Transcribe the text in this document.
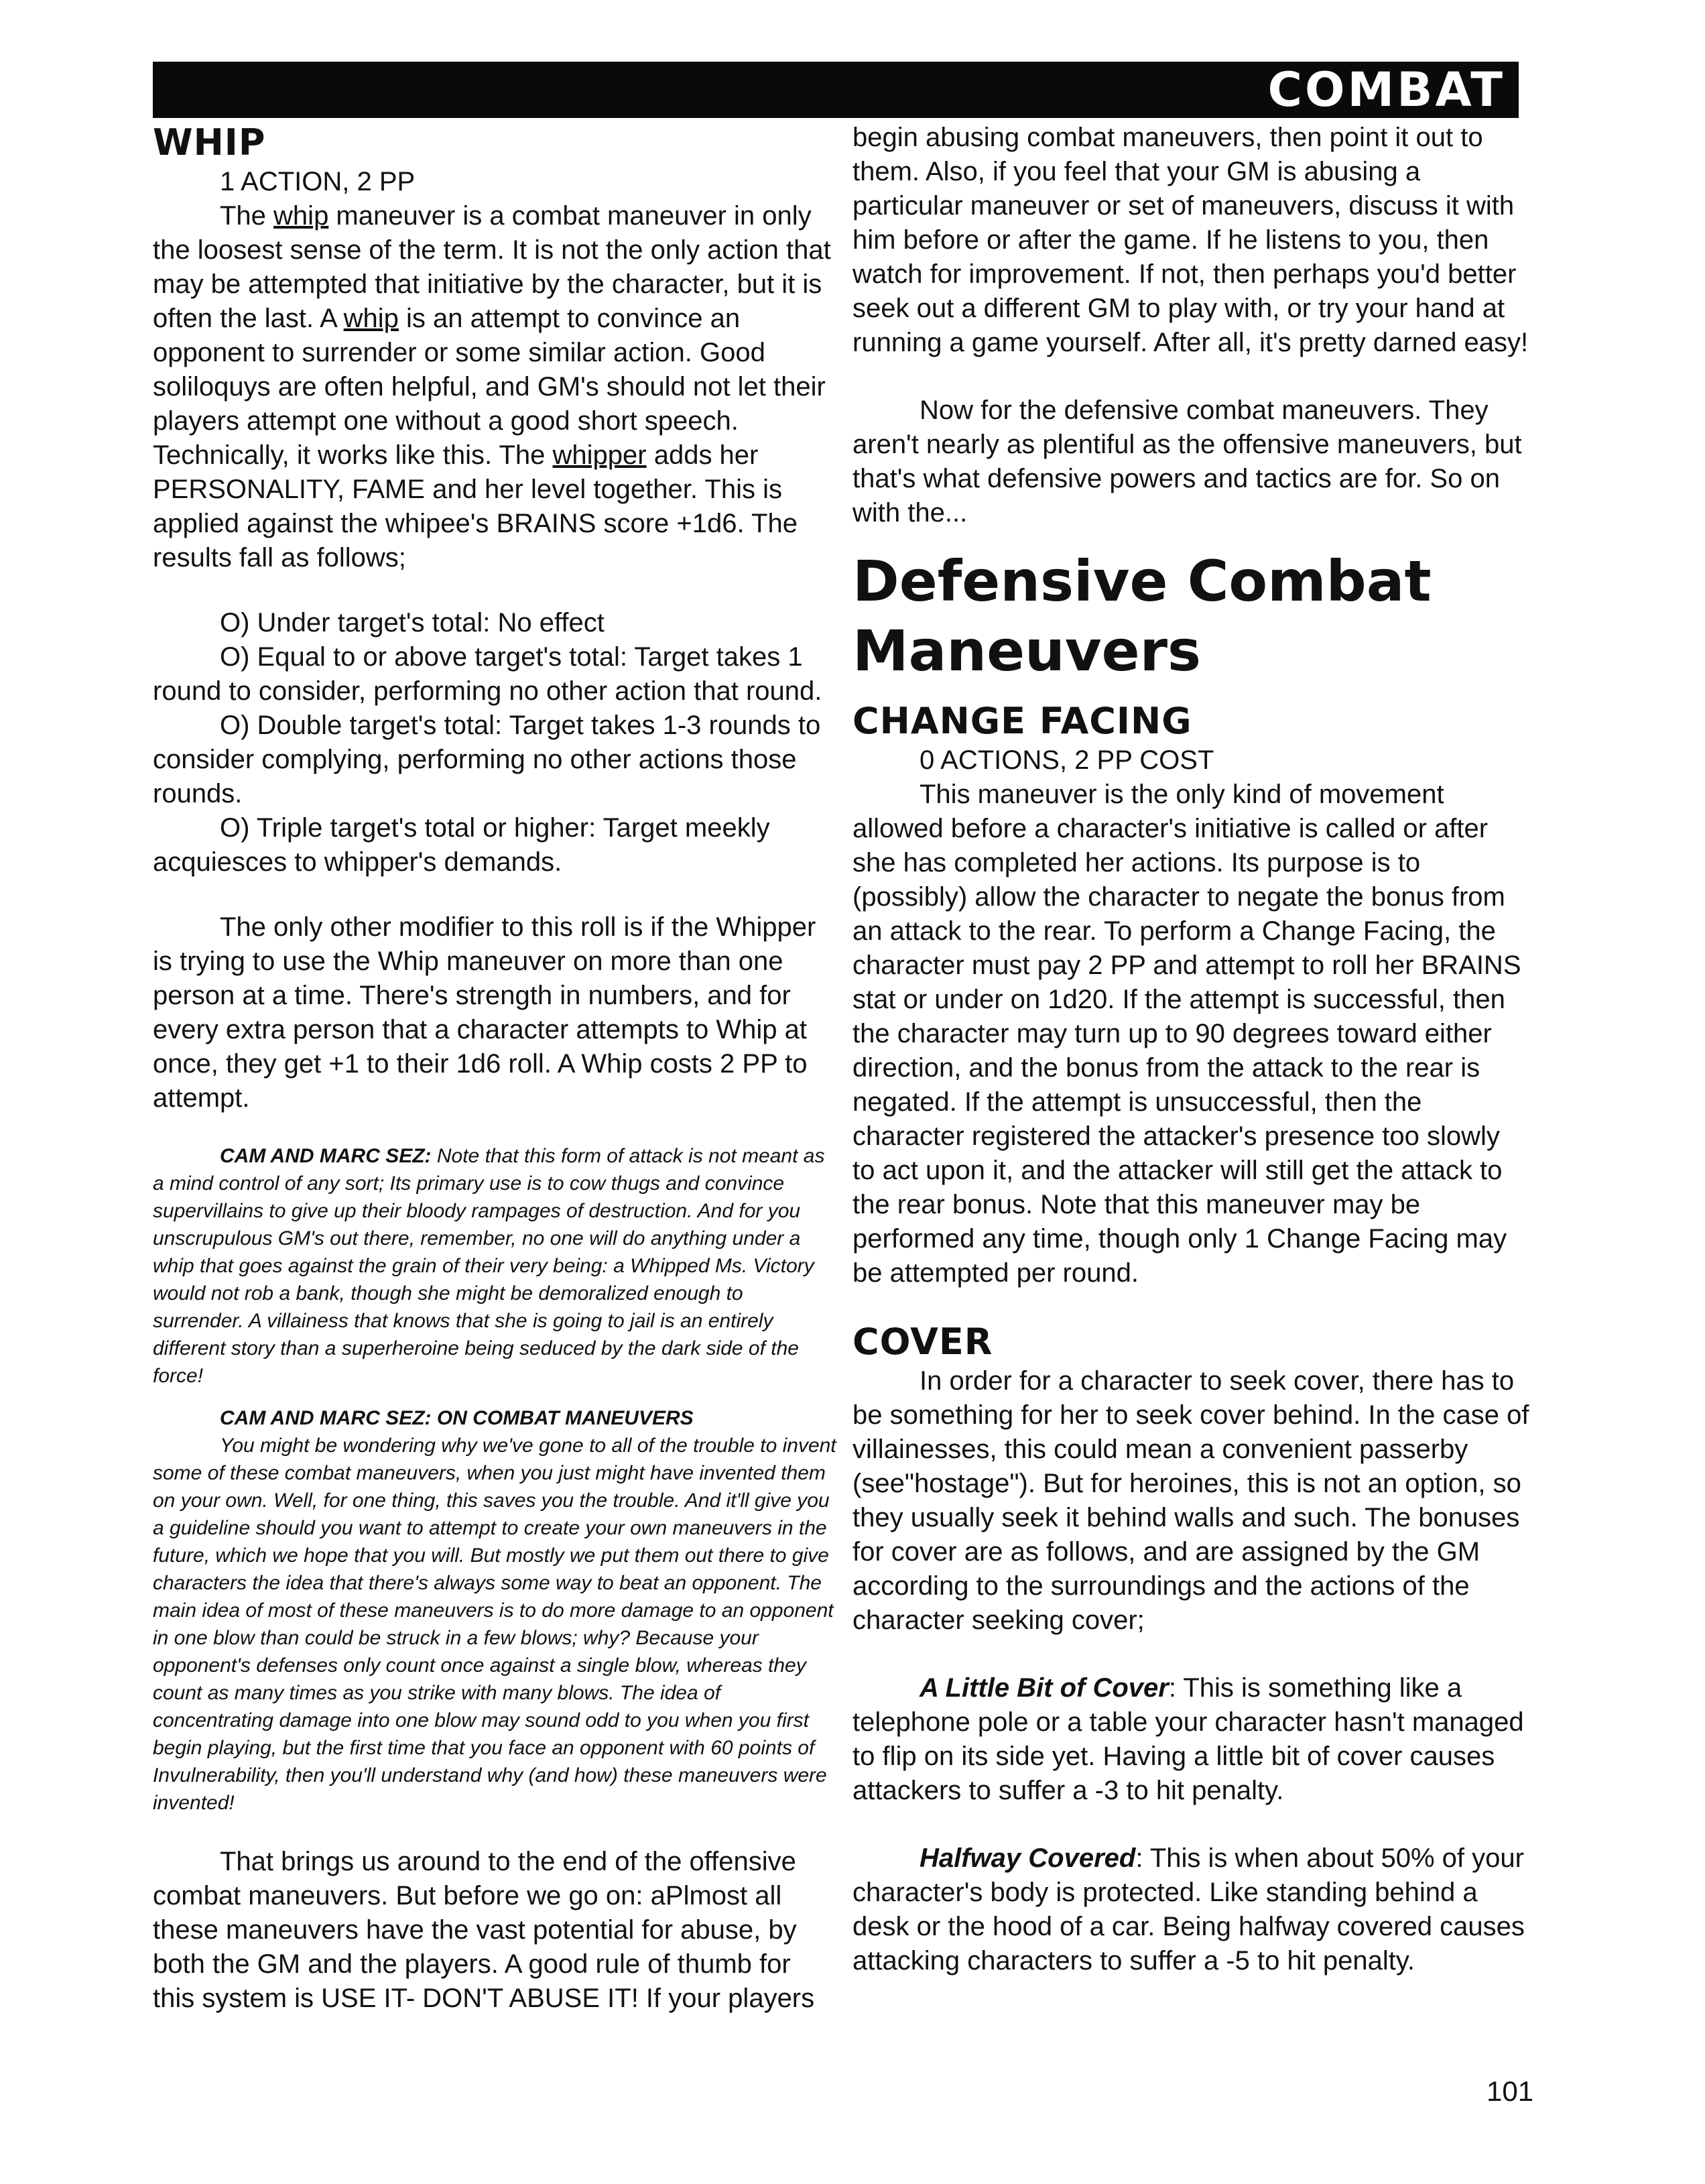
COMBAT
WHIP
1 ACTION, 2 PP

The whip maneuver is a combat maneuver in only the loosest sense of the term. It is not the only action that may be attempted that initiative by the character, but it is often the last. A whip is an attempt to convince an opponent to surrender or some similar action. Good soliloquys are often helpful, and GM's should not let their players attempt one without a good short speech. Technically, it works like this. The whipper adds her PERSONALITY, FAME and her level together. This is applied against the whipee's BRAINS score +1d6. The results fall as follows;

O) Under target's total: No effect

O) Equal to or above target's total: Target takes 1 round to consider, performing no other action that round.

O) Double target's total: Target takes 1-3 rounds to consider complying, performing no other actions those rounds.

O) Triple target's total or higher: Target meekly acquiesces to whipper's demands.

The only other modifier to this roll is if the Whipper is trying to use the Whip maneuver on more than one person at a time. There's strength in numbers, and for every extra person that a character attempts to Whip at once, they get +1 to their 1d6 roll. A Whip costs 2 PP to attempt.

CAM AND MARC SEZ: Note that this form of attack is not meant as a mind control of any sort; Its primary use is to cow thugs and convince supervillains to give up their bloody rampages of destruction. And for you unscrupulous GM's out there, remember, no one will do anything under a whip that goes against the grain of their very being: a Whipped Ms. Victory would not rob a bank, though she might be demoralized enough to surrender. A villainess that knows that she is going to jail is an entirely different story than a superheroine being seduced by the dark side of the force!

CAM AND MARC SEZ: ON COMBAT MANEUVERS

You might be wondering why we've gone to all of the trouble to invent some of these combat maneuvers, when you just might have invented them on your own. Well, for one thing, this saves you the trouble. And it'll give you a guideline should you want to attempt to create your own maneuvers in the future, which we hope that you will. But mostly we put them out there to give characters the idea that there's always some way to beat an opponent. The main idea of most of these maneuvers is to do more damage to an opponent in one blow than could be struck in a few blows; why? Because your opponent's defenses only count once against a single blow, whereas they count as many times as you strike with many blows. The idea of concentrating damage into one blow may sound odd to you when you first begin playing, but the first time that you face an opponent with 60 points of Invulnerability, then you'll understand why (and how) these maneuvers were invented!

That brings us around to the end of the offensive combat maneuvers. But before we go on: aPlmost all these maneuvers have the vast potential for abuse, by both the GM and the players. A good rule of thumb for this system is USE IT- DON'T ABUSE IT! If your players

begin abusing combat maneuvers, then point it out to them. Also, if you feel that your GM is abusing a particular maneuver or set of maneuvers, discuss it with him before or after the game. If he listens to you, then watch for improvement. If not, then perhaps you'd better seek out a different GM to play with, or try your hand at running a game yourself. After all, it's pretty darned easy!

Now for the defensive combat maneuvers. They aren't nearly as plentiful as the offensive maneuvers, but that's what defensive powers and tactics are for. So on with the...

Defensive Combat
Maneuvers
CHANGE FACING
0 ACTIONS, 2 PP COST

This maneuver is the only kind of movement allowed before a character's initiative is called or after she has completed her actions. Its purpose is to (possibly) allow the character to negate the bonus from an attack to the rear. To perform a Change Facing, the character must pay 2 PP and attempt to roll her BRAINS stat or under on 1d20. If the attempt is successful, then the character may turn up to 90 degrees toward either direction, and the bonus from the attack to the rear is negated. If the attempt is unsuccessful, then the character registered the attacker's presence too slowly to act upon it, and the attacker will still get the attack to the rear bonus. Note that this maneuver may be performed any time, though only 1 Change Facing may be attempted per round.

COVER

In order for a character to seek cover, there has to be something for her to seek cover behind. In the case of villainesses, this could mean a convenient passerby (see"hostage"). But for heroines, this is not an option, so they usually seek it behind walls and such. The bonuses for cover are as follows, and are assigned by the GM according to the surroundings and the actions of the character seeking cover;

A Little Bit of Cover: This is something like a telephone pole or a table your character hasn't managed to flip on its side yet. Having a little bit of cover causes attackers to suffer a -3 to hit penalty.

Halfway Covered: This is when about 50% of your character's body is protected. Like standing behind a desk or the hood of a car. Being halfway covered causes attacking characters to suffer a -5 to hit penalty.

101
